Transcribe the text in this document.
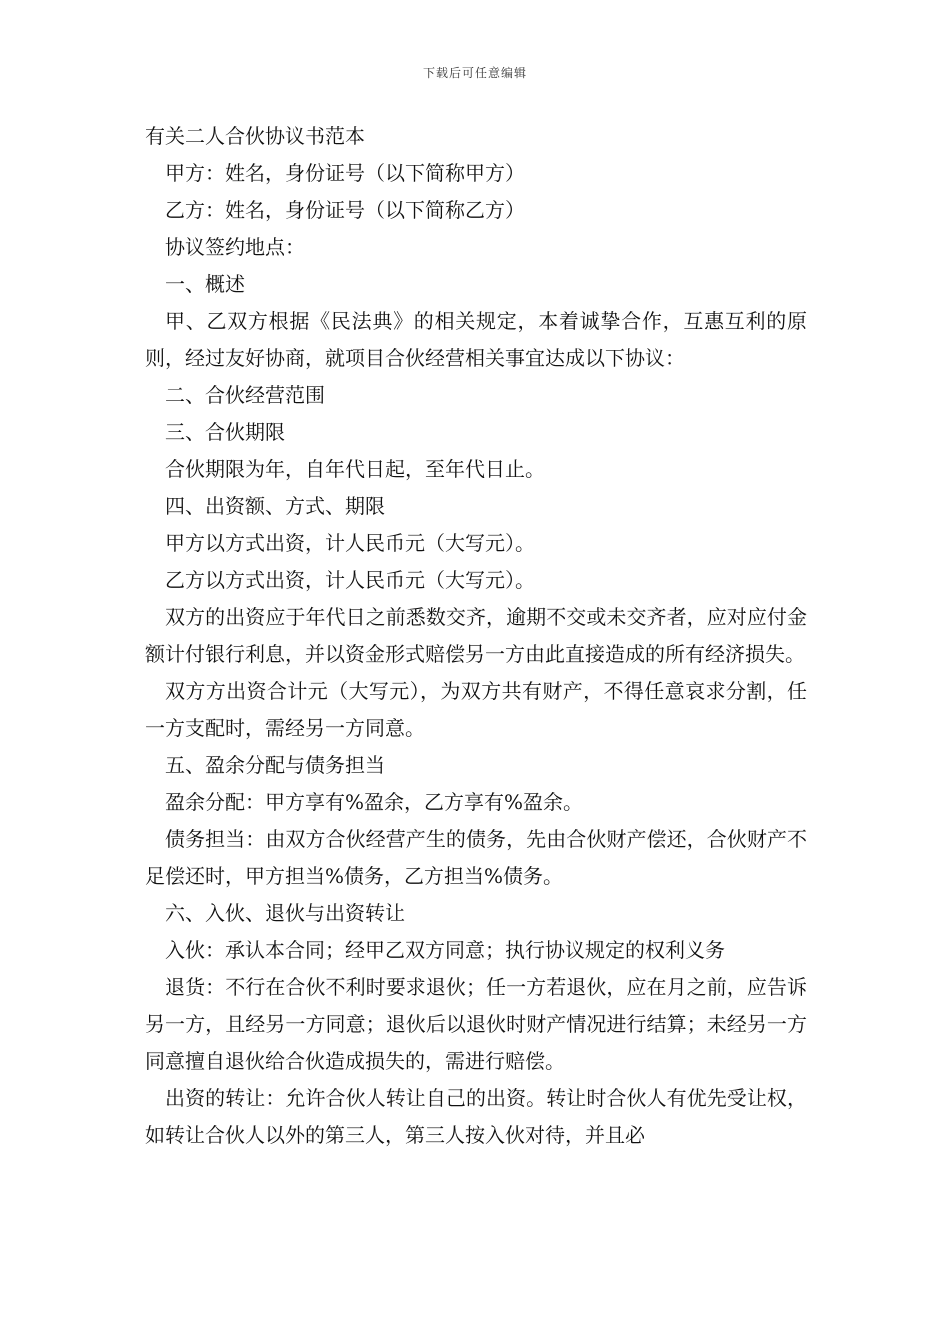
下载后可任意编辑

有关二人合伙协议书范本

甲方：姓名，身份证号（以下简称甲方）

乙方：姓名，身份证号（以下简称乙方）

协议签约地点：

一、概述

甲、乙双方根据《民法典》的相关规定，本着诚挚合作，互惠互利的原则，经过友好协商，就项目合伙经营相关事宜达成以下协议：

二、合伙经营范围

三、合伙期限

合伙期限为年，自年代日起，至年代日止。

四、出资额、方式、期限

甲方以方式出资，计人民币元（大写元）。

乙方以方式出资，计人民币元（大写元）。

双方的出资应于年代日之前悉数交齐，逾期不交或未交齐者，应对应付金额计付银行利息，并以资金形式赔偿另一方由此直接造成的所有经济损失。

双方方出资合计元（大写元），为双方共有财产，不得任意哀求分割，任一方支配时，需经另一方同意。

五、盈余分配与债务担当

盈余分配：甲方享有%盈余，乙方享有%盈余。

债务担当：由双方合伙经营产生的债务，先由合伙财产偿还，合伙财产不足偿还时，甲方担当%债务，乙方担当%债务。

六、入伙、退伙与出资转让

入伙：承认本合同；经甲乙双方同意；执行协议规定的权利义务

退货：不行在合伙不利时要求退伙；任一方若退伙，应在月之前，应告诉另一方，且经另一方同意；退伙后以退伙时财产情况进行结算；未经另一方同意擅自退伙给合伙造成损失的，需进行赔偿。

出资的转让：允许合伙人转让自己的出资。转让时合伙人有优先受让权，如转让合伙人以外的第三人，第三人按入伙对待，并且必
